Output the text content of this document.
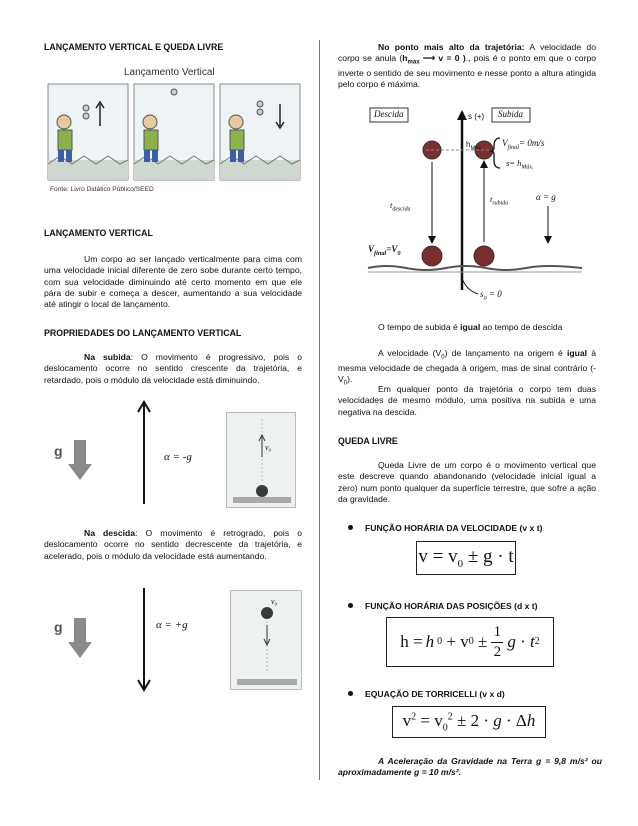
LANÇAMENTO VERTICAL E QUEDA LIVRE
Lançamento Vertical
Fonte: Livro Didático Público/SEED
LANÇAMENTO VERTICAL

Um corpo ao ser lançado verticalmente para cima com uma velocidade inicial diferente de zero sobe durante certo tempo, com sua velocidade diminuindo até certo momento em que ele pára de subir e começa a descer, aumentando a sua velocidade até atingir o local de lançamento.

PROPRIEDADES DO LANÇAMENTO VERTICAL

Na subida: O movimento é progressivo, pois o deslocamento ocorre no sentido crescente da trajetória, e retardado, pois o módulo da velocidade está diminuindo.

g	α = -g
v₀

Na descida: O movimento é retrogrado, pois o deslocamento ocorre no sentido decrescente da trajetória, e acelerado, pois o módulo da velocidade está aumentando.

g	α = +g
v₀

No ponto mais alto da trajetória: A velocidade do corpo se anula ($h_{max}$ ⟶ v = 0 )., pois é o ponto em que o corpo inverte o sentido de seu movimento e nesse ponto a altura atingida pelo corpo é máxima.

Descida	Subida
s (+)
$h_{Máx}$
$V_{final}= 0m/s$
$s= h_{Máx.}$
$t_{descida}$
$t_{subida}$
α = g
$V_{final}=V_0$
$s_0 = 0$

O tempo de subida é igual ao tempo de descida

A velocidade $(V_0)$ de lançamento na origem é igual à mesma velocidade de chegada à origem, mas de sinal contrário $(-V_0)$.

Em qualquer ponto da trajetória o corpo tem duas velocidades de mesmo módulo, uma positiva na subida e uma negativa na descida.

QUEDA LIVRE

Queda Livre de um corpo é o movimento vertical que este descreve quando abandonando (velocidade inicial igual a zero) num ponto qualquer da superfície terrestre, que sofre a ação da gravidade.

FUNÇÃO HORÁRIA DA VELOCIDADE (v x t)
$v = v_0 \pm g \cdot t$
FUNÇÃO HORÁRIA DAS POSIÇÕES (d x t)
h = h 0 + v 0 ±
1
2
g · t 2
EQUAÇÃO DE TORRICELLI (v x d)
$v^2 = v_0^2 \pm 2 \cdot g \cdot \Delta h$

A Aceleração da Gravidade na Terra g = 9,8 m/s² ou aproximadamente g = 10 m/s².
